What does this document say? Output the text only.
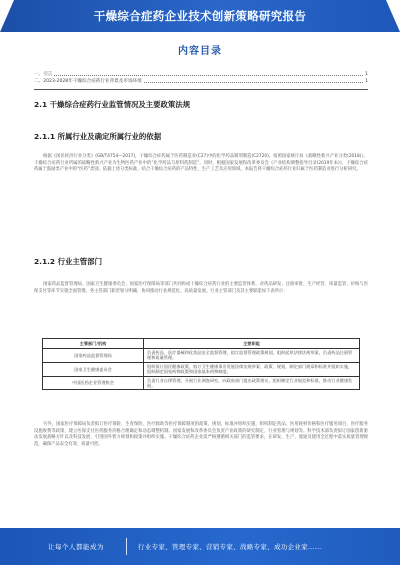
干燥综合症药企业技术创新策略研究报告
内容目录
一、引言	1
二、2023-2028年干燥综合症药行业背景及市场环境	1
2.1 干燥综合症药行业监管情况及主要政策法规
2.1.1 所属行业及确定所属行业的依据

根据《国民经济行业分类》(GB/T4754—2017)，干燥综合症药属于医药制造业(C27)中的化学药品制剂制造(C2720)。按照国家统计局《战略性新兴产业分类(2018)》，干燥综合症药行业所属的战略性新兴产业为生物医药产业中的“化学药品与原料药制造”。同时，根据国家发展和改革委员会《产业结构调整指导目录(2019年本)》，干燥综合症药属于鼓励类产业中的“医药”类别。依据上述分类标准，结合干燥综合症药的产品特性、生产工艺及应用领域，本报告将干燥综合症药行业归属于医药制造业进行分析研究。

2.1.2 行业主管部门

国家药品监督管理局、国家卫生健康委员会、国家医疗保障局等部门共同构成干燥综合症药行业的主要监管体系，对药品研发、注册审批、生产经营、质量监管、价格与医保支付等环节实施全面管理。各主管部门职责划分明确，协同推动行业规范化、高质量发展。行业主管部门及其主要职能如下表所示：

主管部门/机构	主要职能
国家药品监督管理局	负责药品、医疗器械和化妆品安全监督管理，拟订监督管理政策规划，组织起草法律法规草案，负责药品注册管理和质量管理。
国家卫生健康委员会	组织拟订国民健康政策，拟订卫生健康事业发展法律法规草案、政策、规划，制定部门规章和标准并组织实施，组织制定国家药物政策和国家基本药物制度。
中国医药企业管理协会	负责行业自律管理，开展行业调查研究，向政府部门提出政策建议，组织制定行业规范和标准，推动行业健康发展。

另外，国家医疗保障局负责拟订医疗保险、生育保险、医疗救助等医疗保障制度的政策、规划、标准并组织实施，组织制定药品、医用耗材价格和医疗服务项目、医疗服务设施收费等政策，建立医保支付医药服务价格合理确定和动态调整机制。国家发展和改革委员会负责产业政策的研究制定、行业管理与规划等。科学技术部负责拟订国家创新驱动发展战略方针以及科技发展、引进国外智力规划和政策并组织实施。干燥综合症药企业需严格遵循相关部门的监管要求，在研发、生产、流通及使用全过程中落实质量管理规范，确保产品安全有效、质量可控。

让每个人都能成为	行业专家、管理专家、营销专家、战略专家、成功企业家……
